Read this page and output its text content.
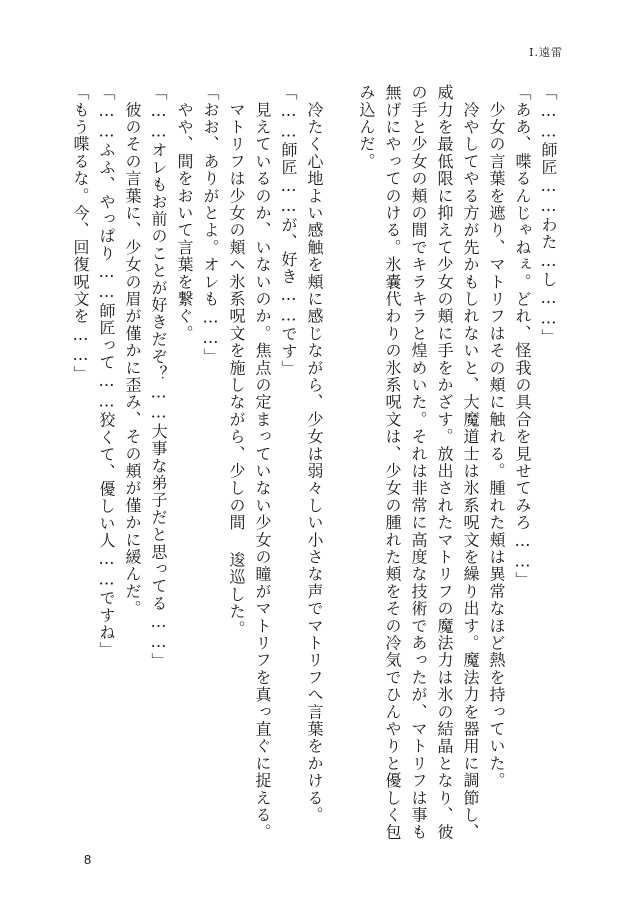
Ⅰ.遠雷
「……師匠……わた…し……」
「ああ、喋るんじゃねぇ。どれ、怪我の具合を見せてみろ……」
　少女の言葉を遮り、マトリフはその頬に触れる。腫れた頬は異常なほど熱を持っていた。
　冷やしてやる方が先かもしれないと、大魔道士は氷系呪文を繰り出す。魔法力を器用に調節し、
威力を最低限に抑えて少女の頬に手をかざす。放出されたマトリフの魔法力は氷の結晶となり、彼
の手と少女の頬の間でキラキラと煌めいた。それは非常に高度な技術であったが、マトリフは事も
無げにやってのける。氷嚢代わりの氷系呪文は、少女の腫れた頬をその冷気でひんやりと優しく包
み込んだ。
　冷たく心地よい感触を頬に感じながら、少女は弱々しい小さな声でマトリフへ言葉をかける。
「……師匠……が、好き……です」
　見えているのか、いないのか。焦点の定まっていない少女の瞳がマトリフを真っ直ぐに捉える。
　マトリフは少女の頬へ氷系呪文を施しながら、少しの間 逡巡した。
「おお、ありがとよ。オレも……」
　やや、間をおいて言葉を繋ぐ。
「……オレもお前のことが好きだぞ？……大事な弟子だと思ってる……」
　彼のその言葉に、少女の眉が僅かに歪み、その頬が僅かに緩んだ。
「……ふふ、やっぱり……師匠って……狡くて、優しい人……ですね」
「もう喋るな。今、回復呪文を……」
8
